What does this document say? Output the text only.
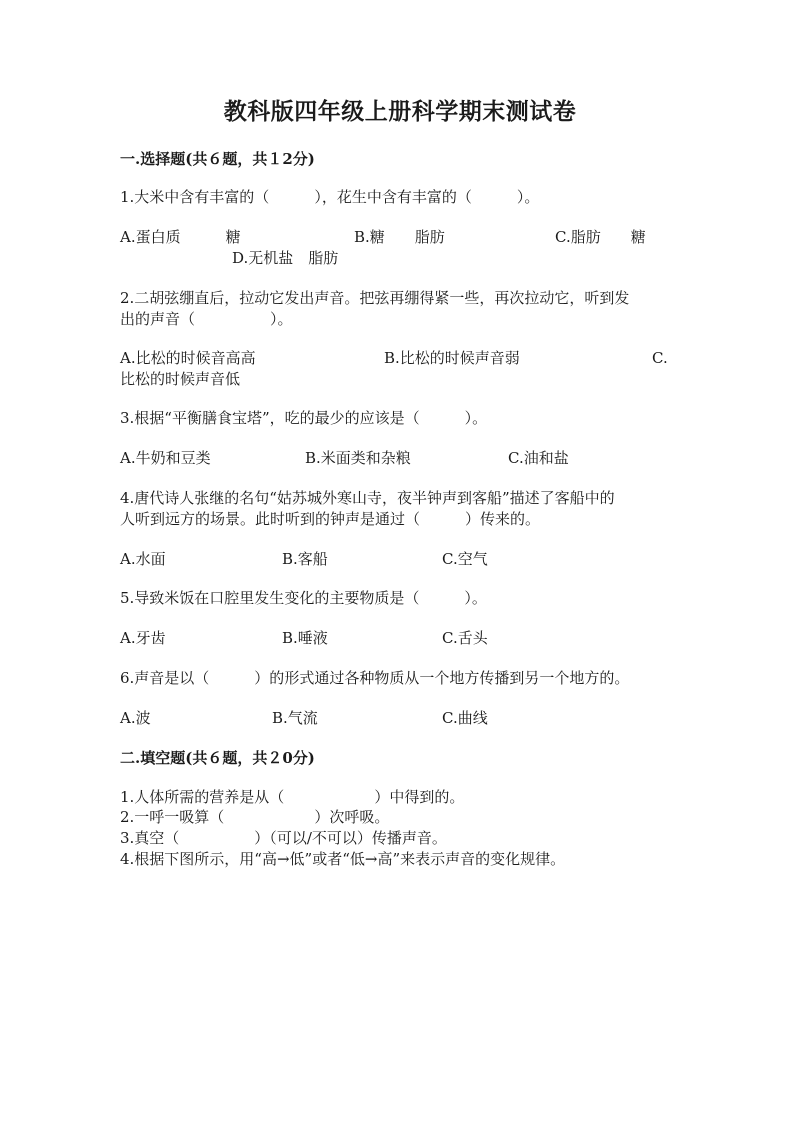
教科版四年级上册科学期末测试卷
一.选择题(共６题，共１2分)
1.大米中含有丰富的（　　　），花生中含有丰富的（　　　）。
A.蛋白质　　　糖	B.糖　　脂肪	C.脂肪　　糖
D.无机盐　脂肪
2.二胡弦绷直后，拉动它发出声音。把弦再绷得紧一些，再次拉动它，听到发
出的声音（　　　　　）。
A.比松的时候音高高	B.比松的时候声音弱	C.
比松的时候声音低
3.根据“平衡膳食宝塔”，吃的最少的应该是（　　　）。
A.牛奶和豆类	B.米面类和杂粮	C.油和盐
4.唐代诗人张继的名句“姑苏城外寒山寺，夜半钟声到客船”描述了客船中的
人听到远方的场景。此时听到的钟声是通过（　　　）传来的。
A.水面	B.客船	C.空气
5.导致米饭在口腔里发生变化的主要物质是（　　　）。
A.牙齿	B.唾液	C.舌头
6.声音是以（　　　）的形式通过各种物质从一个地方传播到另一个地方的。
A.波	B.气流	C.曲线
二.填空题(共６题，共２0分)
1.人体所需的营养是从（　　　　　　）中得到的。
2.一呼一吸算（　　　　　　）次呼吸。
3.真空（　　　　　）（可以/不可以）传播声音。
4.根据下图所示，用“高→低”或者“低→高”来表示声音的变化规律。
